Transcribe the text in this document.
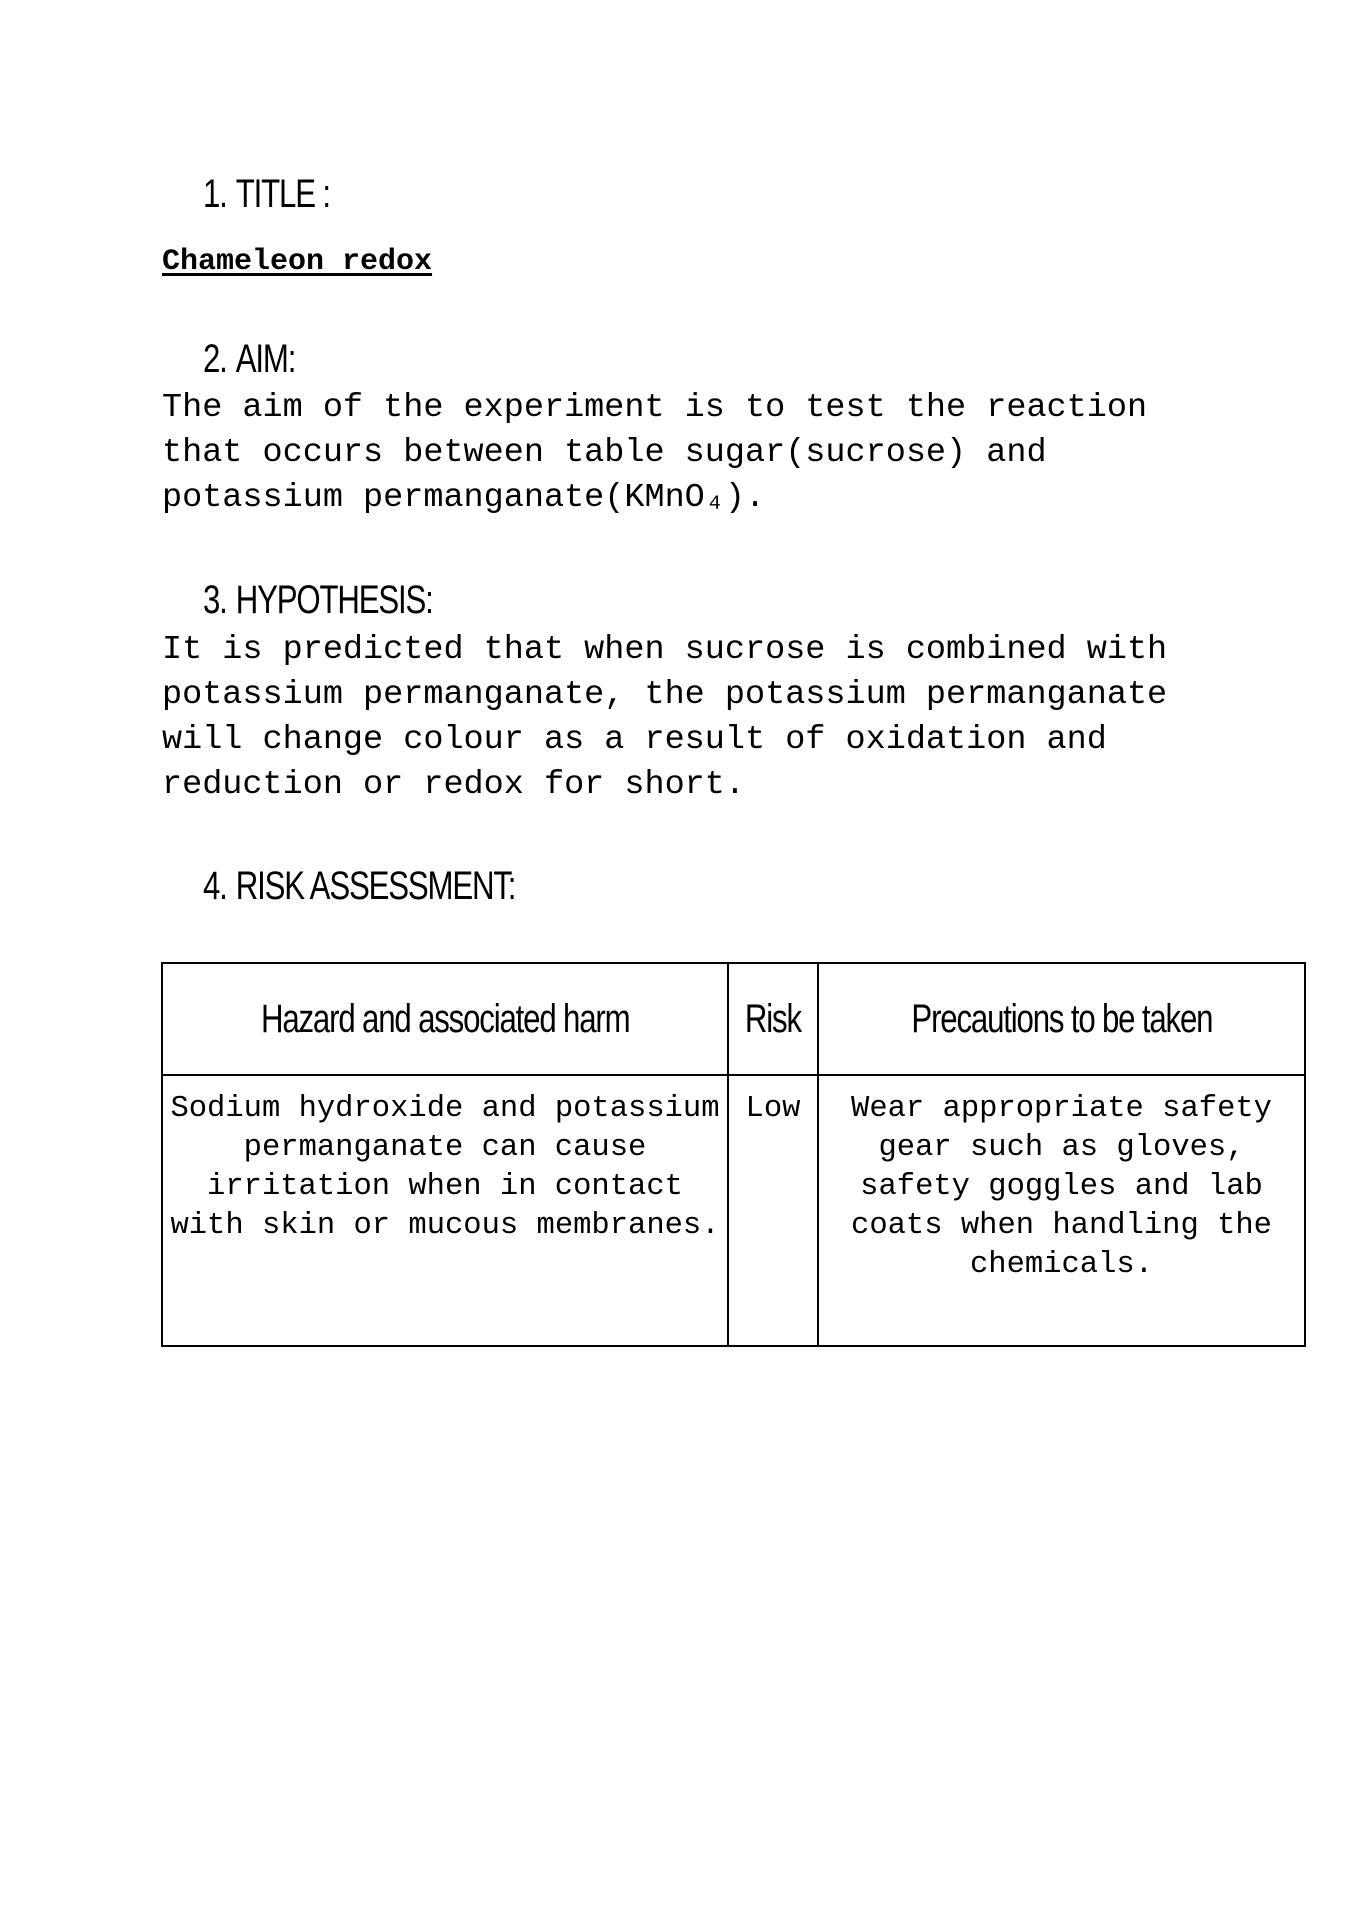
1. TITLE :
Chameleon redox
2. AIM:
The aim of the experiment is to test the reaction
that occurs between table sugar(sucrose) and
potassium permanganate(KMnO₄).
3. HYPOTHESIS:
It is predicted that when sucrose is combined with
potassium permanganate, the potassium permanganate
will change colour as a result of oxidation and
reduction or redox for short.
4. RISK ASSESSMENT:
Hazard and associated harm	Risk	Precautions to be taken

Sodium hydroxide and potassium permanganate can cause irritation when in contact with skin or mucous membranes.	Low	Wear appropriate safety gear such as gloves, safety goggles and lab coats when handling the chemicals.
